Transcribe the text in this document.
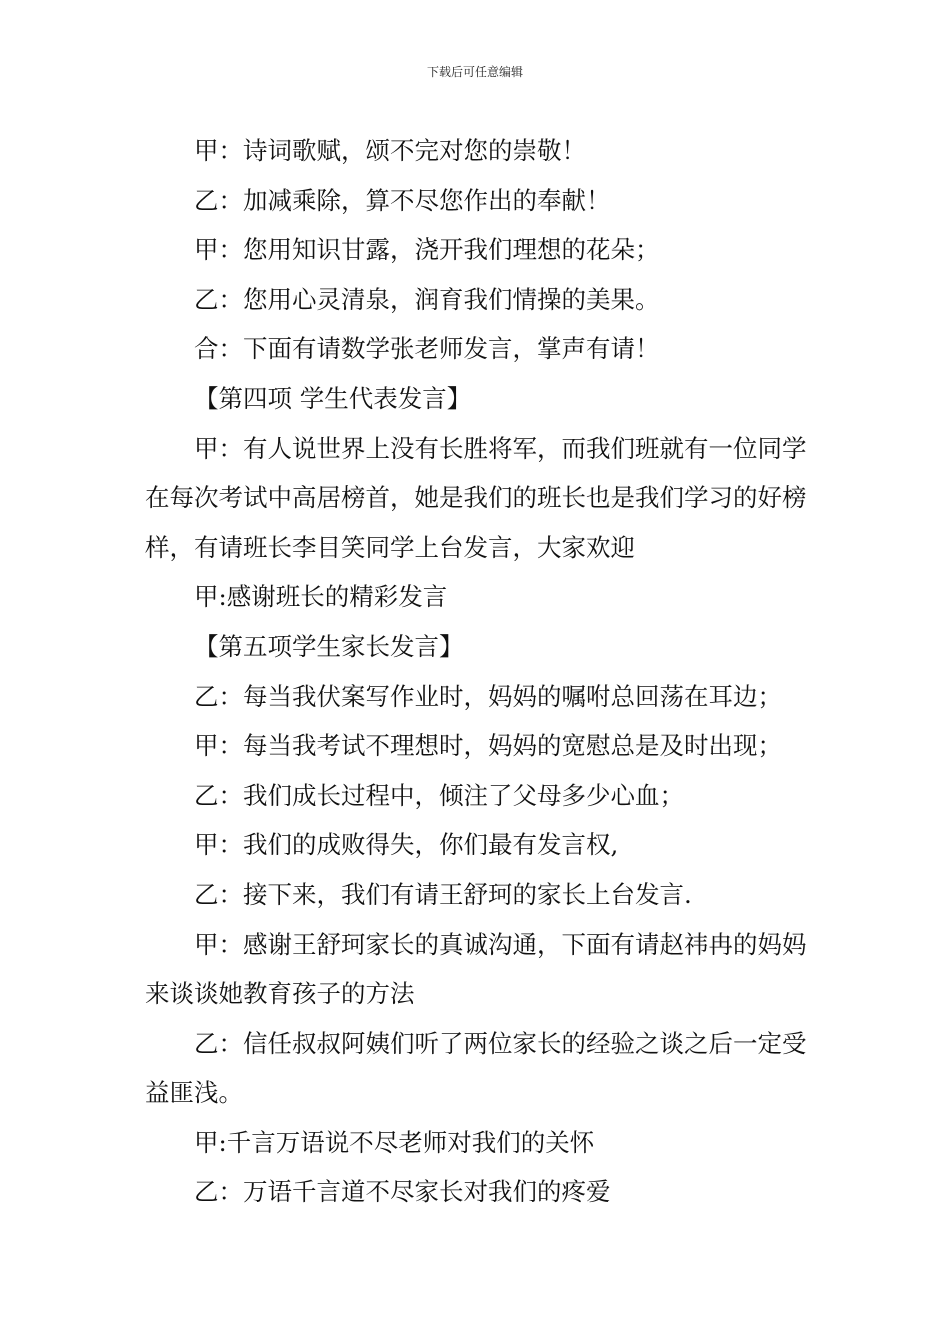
下载后可任意编辑

甲：诗词歌赋，颂不完对您的崇敬！

乙：加减乘除，算不尽您作出的奉献！

甲：您用知识甘露，浇开我们理想的花朵；

乙：您用心灵清泉，润育我们情操的美果。

合：下面有请数学张老师发言，掌声有请！

【第四项 学生代表发言】

甲：有人说世界上没有长胜将军，而我们班就有一位同学在每次考试中高居榜首，她是我们的班长也是我们学习的好榜样，有请班长李目笑同学上台发言，大家欢迎

甲:感谢班长的精彩发言

【第五项学生家长发言】

乙：每当我伏案写作业时，妈妈的嘱咐总回荡在耳边；

甲：每当我考试不理想时，妈妈的宽慰总是及时出现；

乙：我们成长过程中，倾注了父母多少心血；

甲：我们的成败得失，你们最有发言权,

乙：接下来，我们有请王舒珂的家长上台发言.

甲：感谢王舒珂家长的真诚沟通，下面有请赵祎冉的妈妈来谈谈她教育孩子的方法

乙：信任叔叔阿姨们听了两位家长的经验之谈之后一定受益匪浅。

甲:千言万语说不尽老师对我们的关怀

乙：万语千言道不尽家长对我们的疼爱
